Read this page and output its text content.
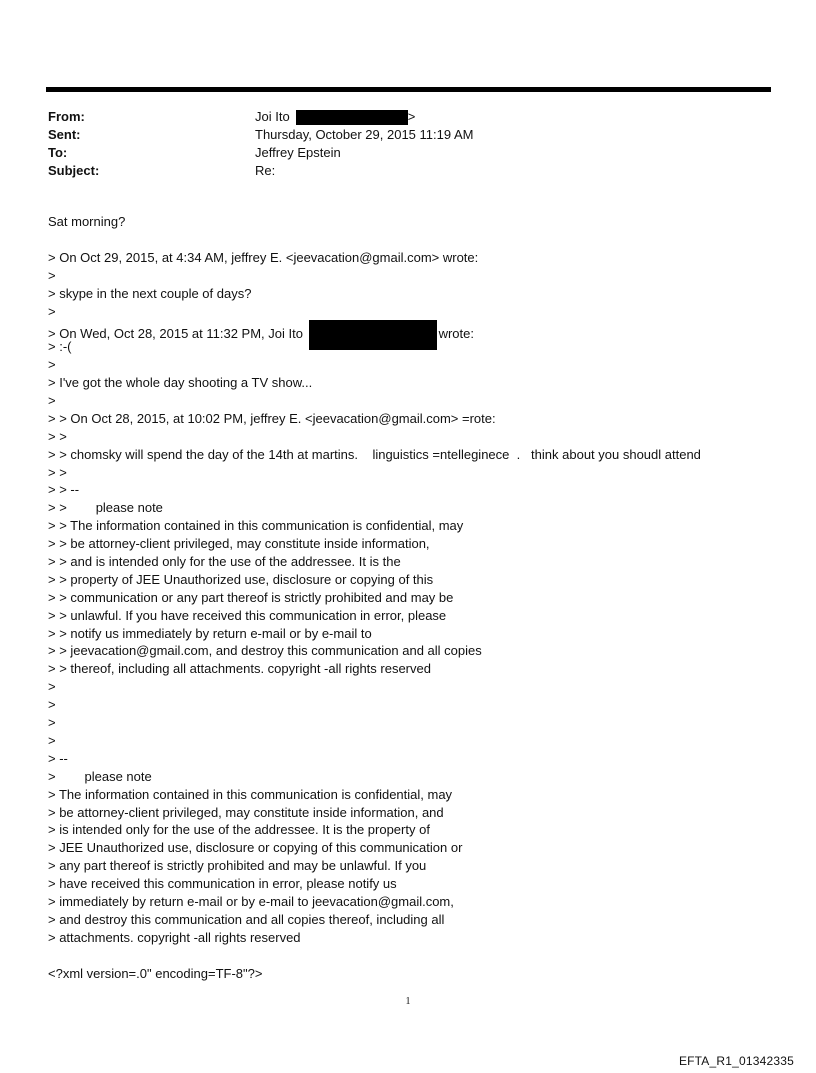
From:	Joi Ito	>
Sent:	Thursday, October 29, 2015 11:19 AM
To:	Jeffrey Epstein
Subject:	Re:
Sat morning?
> On Oct 29, 2015, at 4:34 AM, jeffrey E. <jeevacation@gmail.com> wrote:
>
> skype in the next couple of days?
>
> On Wed, Oct 28, 2015 at 11:32 PM, Joi Ito	wrote:
> :-(
>
> I've got the whole day shooting a TV show...
>
> > On Oct 28, 2015, at 10:02 PM, jeffrey E. <jeevacation@gmail.com> =rote:
> >
> > chomsky will spend the day of the 14th at martins.    linguistics =ntelleginece  .   think about you shoudl attend
> >
> > --
> >        please note
> > The information contained in this communication is confidential, may
> > be attorney-client privileged, may constitute inside information,
> > and is intended only for the use of the addressee. It is the
> > property of JEE Unauthorized use, disclosure or copying of this
> > communication or any part thereof is strictly prohibited and may be
> > unlawful. If you have received this communication in error, please
> > notify us immediately by return e-mail or by e-mail to
> > jeevacation@gmail.com, and destroy this communication and all copies
> > thereof, including all attachments. copyright -all rights reserved
>
>
>
>
> --
>        please note
> The information contained in this communication is confidential, may
> be attorney-client privileged, may constitute inside information, and
> is intended only for the use of the addressee. It is the property of
> JEE Unauthorized use, disclosure or copying of this communication or
> any part thereof is strictly prohibited and may be unlawful. If you
> have received this communication in error, please notify us
> immediately by return e-mail or by e-mail to jeevacation@gmail.com,
> and destroy this communication and all copies thereof, including all
> attachments. copyright -all rights reserved
<?xml version=.0" encoding=TF-8"?>
1
EFTA_R1_01342335
